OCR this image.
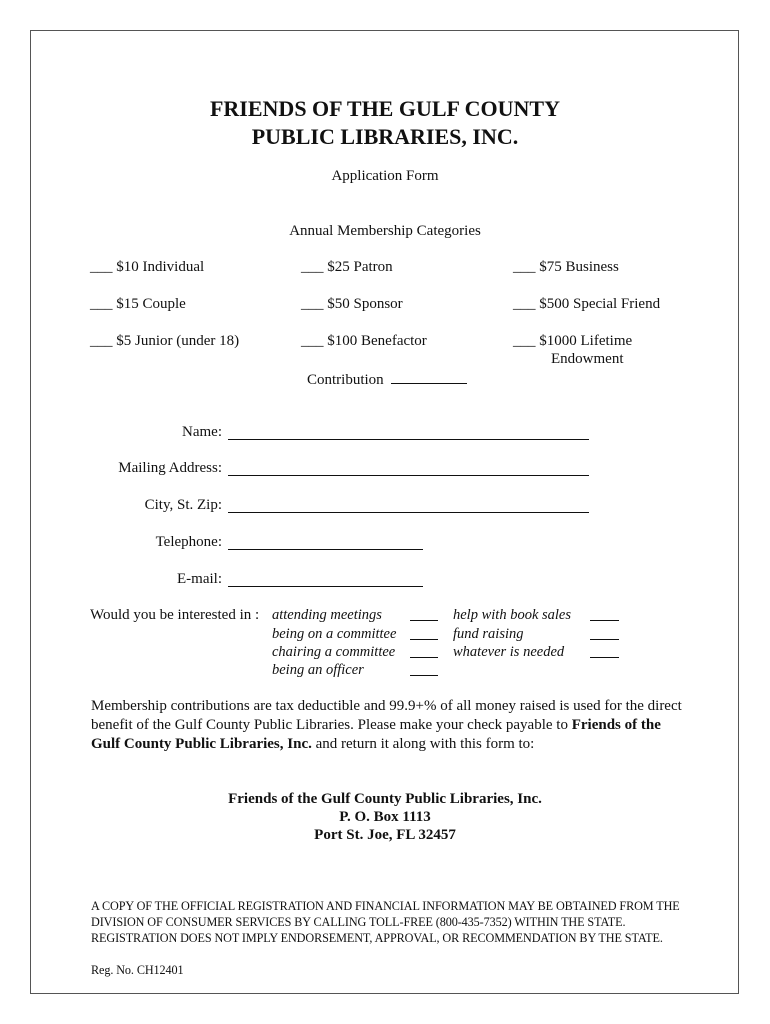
FRIENDS OF THE GULF COUNTY
PUBLIC LIBRARIES, INC.
Application Form
Annual Membership Categories
___ $10 Individual
___ $15 Couple
___ $5 Junior (under 18)
___ $25 Patron
___ $50 Sponsor
___ $100 Benefactor
___ $75 Business
___ $500 Special Friend
___ $1000 Lifetime
Endowment
Contribution
Name:
Mailing Address:
City, St. Zip:
Telephone:
E-mail:
Would you be interested in : attending meetings
being on a committee
chairing a committee
being an officer
help with book sales
fund raising
whatever is needed
Membership contributions are tax deductible and 99.9+% of all money raised is used for the direct benefit of the Gulf County Public Libraries. Please make your check payable to Friends of the Gulf County Public Libraries, Inc. and return it along with this form to:
Friends of the Gulf County Public Libraries, Inc.
P. O. Box 1113
Port St. Joe, FL 32457
A COPY OF THE OFFICIAL REGISTRATION AND FINANCIAL INFORMATION MAY BE OBTAINED FROM THE DIVISION OF CONSUMER SERVICES BY CALLING TOLL-FREE (800-435-7352) WITHIN THE STATE. REGISTRATION DOES NOT IMPLY ENDORSEMENT, APPROVAL, OR RECOMMENDATION BY THE STATE.
Reg. No. CH12401
